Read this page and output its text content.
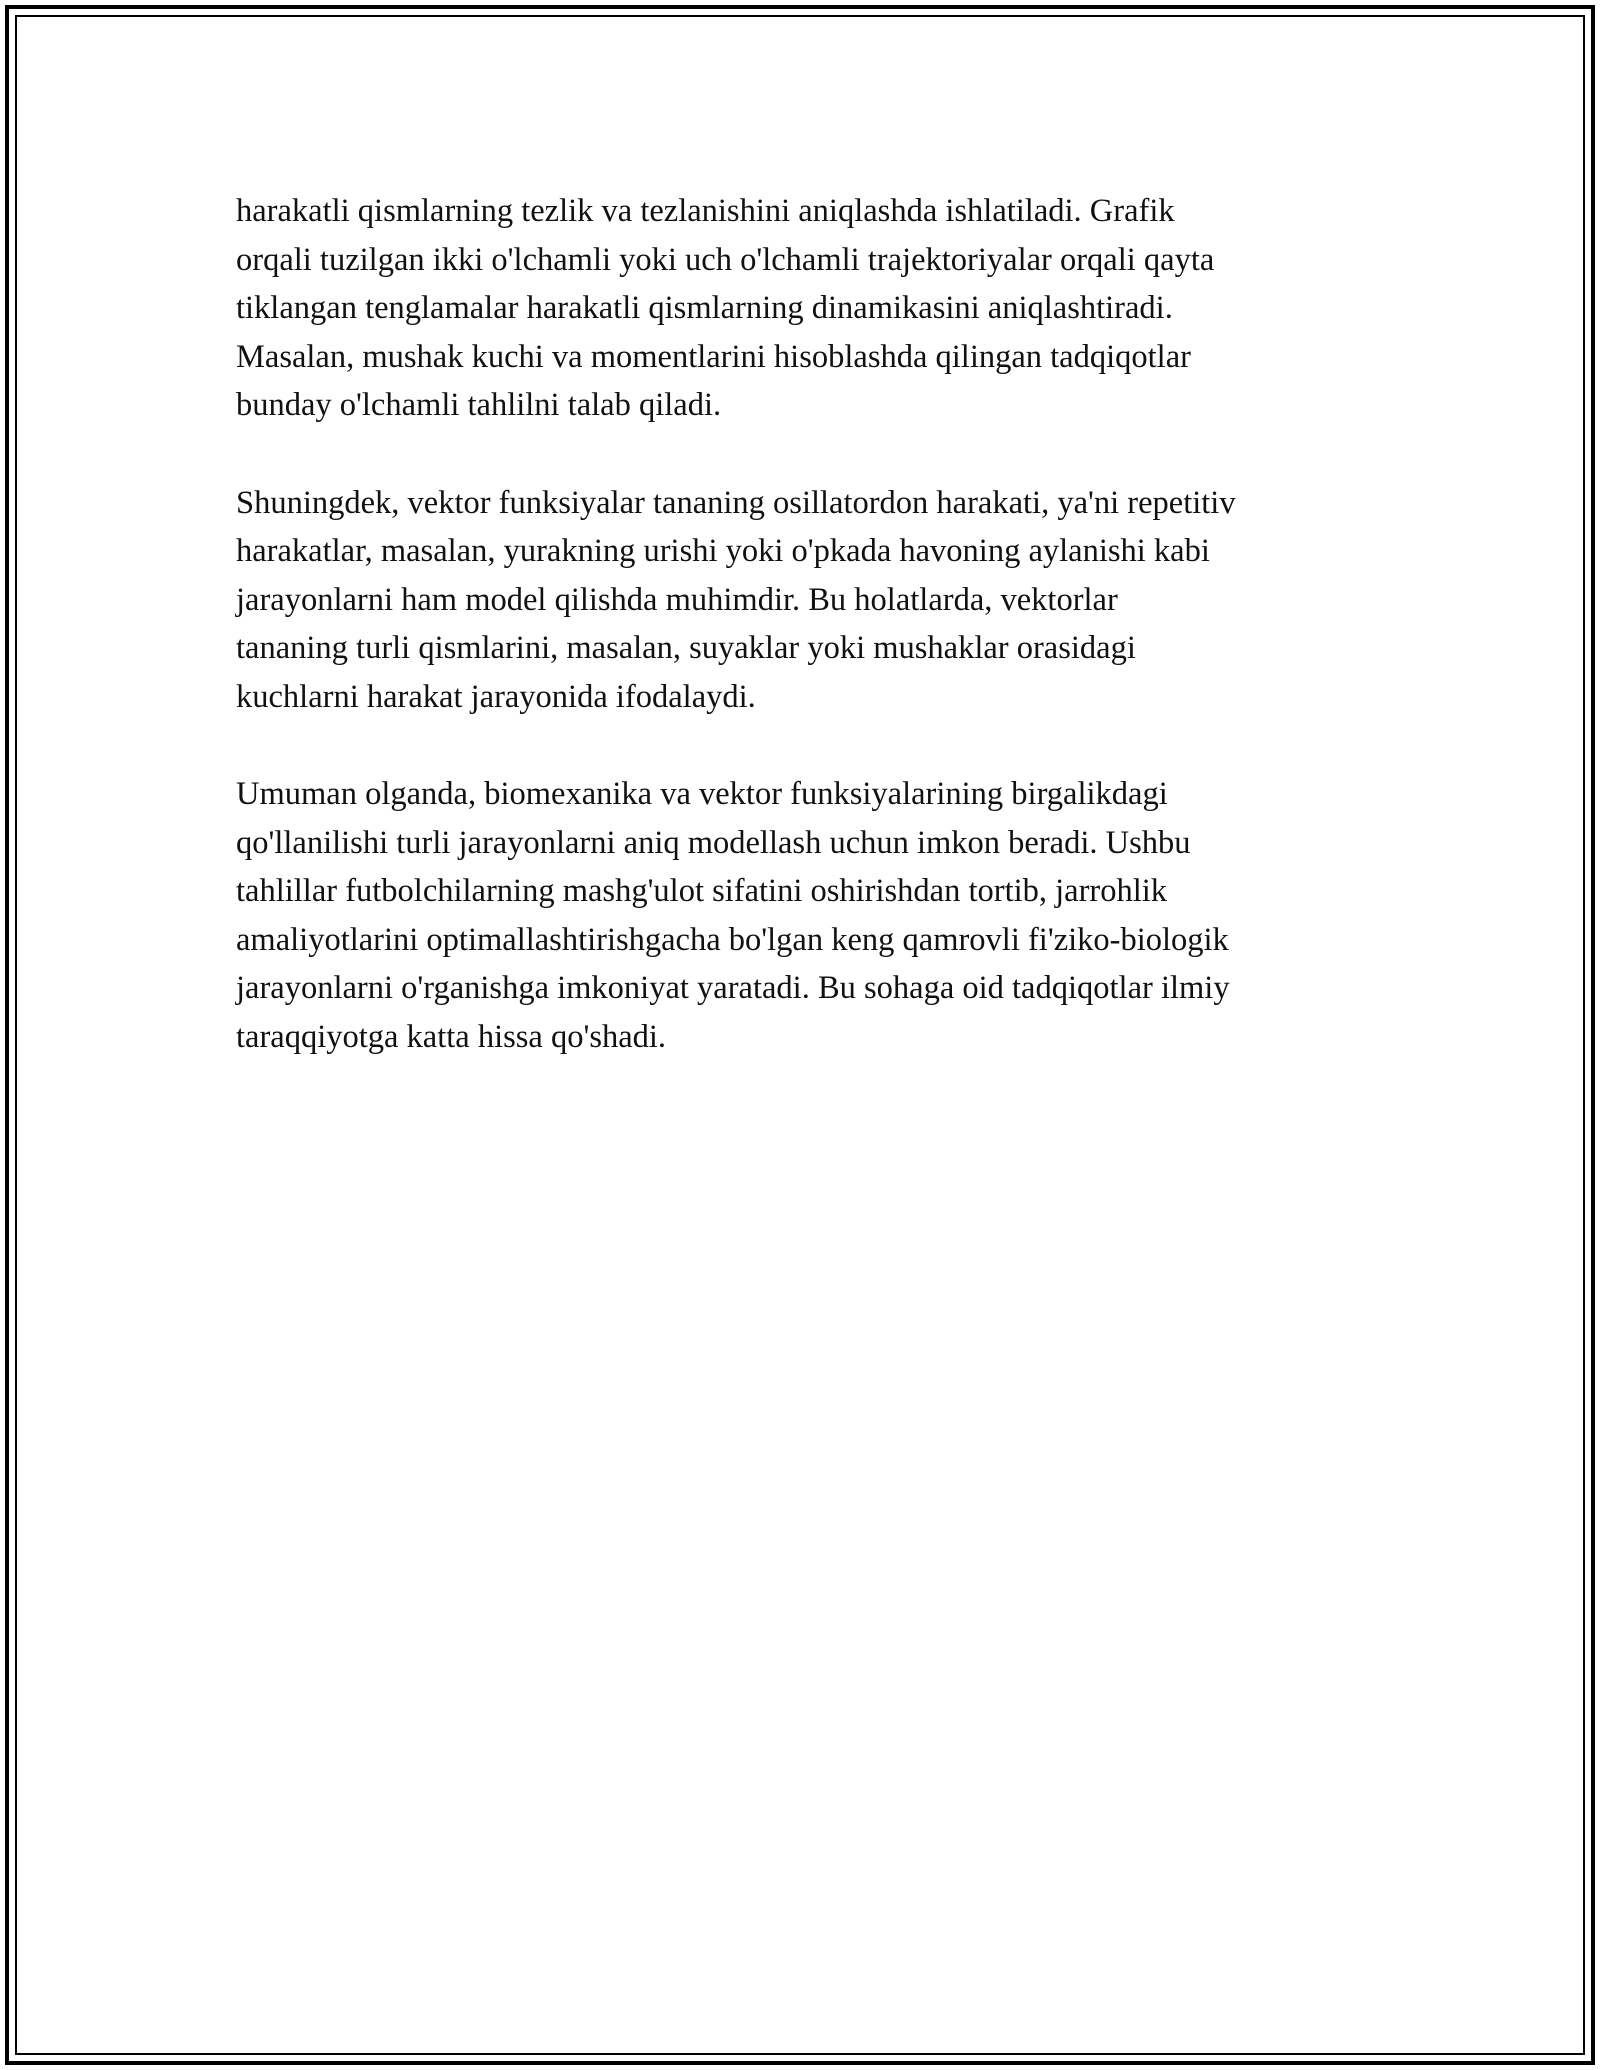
harakatli qismlarning tezlik va tezlanishini aniqlashda ishlatiladi. Grafik
orqali tuzilgan ikki o'lchamli yoki uch o'lchamli trajektoriyalar orqali qayta
tiklangan tenglamalar harakatli qismlarning dinamikasini aniqlashtiradi.
Masalan, mushak kuchi va momentlarini hisoblashda qilingan tadqiqotlar
bunday o'lchamli tahlilni talab qiladi.

Shuningdek, vektor funksiyalar tananing osillatordon harakati, ya'ni repetitiv
harakatlar, masalan, yurakning urishi yoki o'pkada havoning aylanishi kabi
jarayonlarni ham model qilishda muhimdir. Bu holatlarda, vektorlar
tananing turli qismlarini, masalan, suyaklar yoki mushaklar orasidagi
kuchlarni harakat jarayonida ifodalaydi.

Umuman olganda, biomexanika va vektor funksiyalarining birgalikdagi
qo'llanilishi turli jarayonlarni aniq modellash uchun imkon beradi. Ushbu
tahlillar futbolchilarning mashg'ulot sifatini oshirishdan tortib, jarrohlik
amaliyotlarini optimallashtirishgacha bo'lgan keng qamrovli fi'ziko-biologik
jarayonlarni o'rganishga imkoniyat yaratadi. Bu sohaga oid tadqiqotlar ilmiy
taraqqiyotga katta hissa qo'shadi.
